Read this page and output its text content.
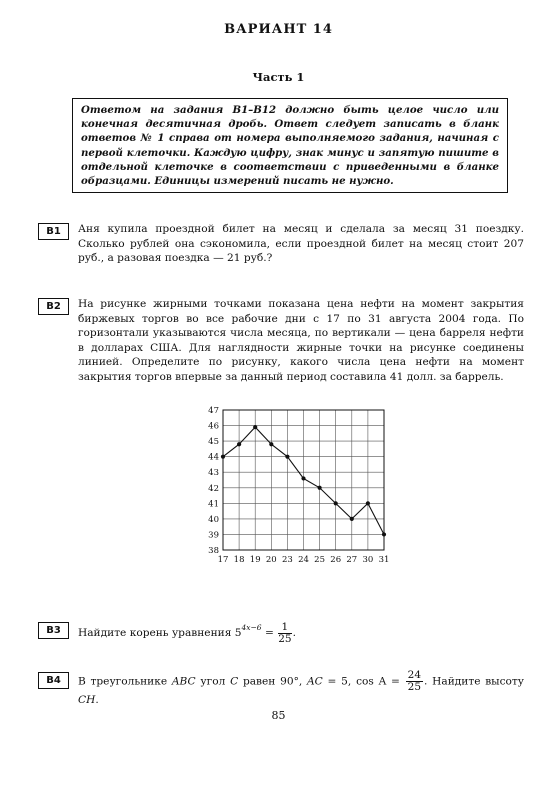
ВАРИАНТ 14
Часть 1
Ответом на задания В1–В12 должно быть целое число или конечная десятичная дробь. Ответ следует записать в бланк ответов № 1 справа от номера выполняемого задания, начиная с первой клеточки. Каждую цифру, знак минус и запятую пишите в отдельной клеточке в соответствии с приведенными в бланке образцами. Единицы измерений писать не нужно.
B1	Аня купила проездной билет на месяц и сделала за месяц 31 поездку. Сколько рублей она сэкономила, если проездной билет на месяц стоит 207 руб., а разовая поездка — 21 руб.?
B2	На рисунке жирными точками показана цена нефти на момент закрытия биржевых торгов во все рабочие дни с 17 по 31 августа 2004 года. По горизонтали указываются числа месяца, по вертикали — цена барреля нефти в долларах США. Для наглядности жирные точки на рисунке соединены линией. Определите по рисунку, какого числа цена нефти на момент закрытия торгов впервые за данный период составила 41 долл. за баррель.
38
39
40
41
42
43
44
45
46
47
17 18 19 20 23 24 25 26 27 30 31
B3	Найдите корень уравнения $5^{4x-6} = \frac{1}{25}$ .
B4	В треугольнике ABC угол C равен 90°, AC = 5, $\cos A = \frac{24}{25}$ . Найдите высоту CH.
85
